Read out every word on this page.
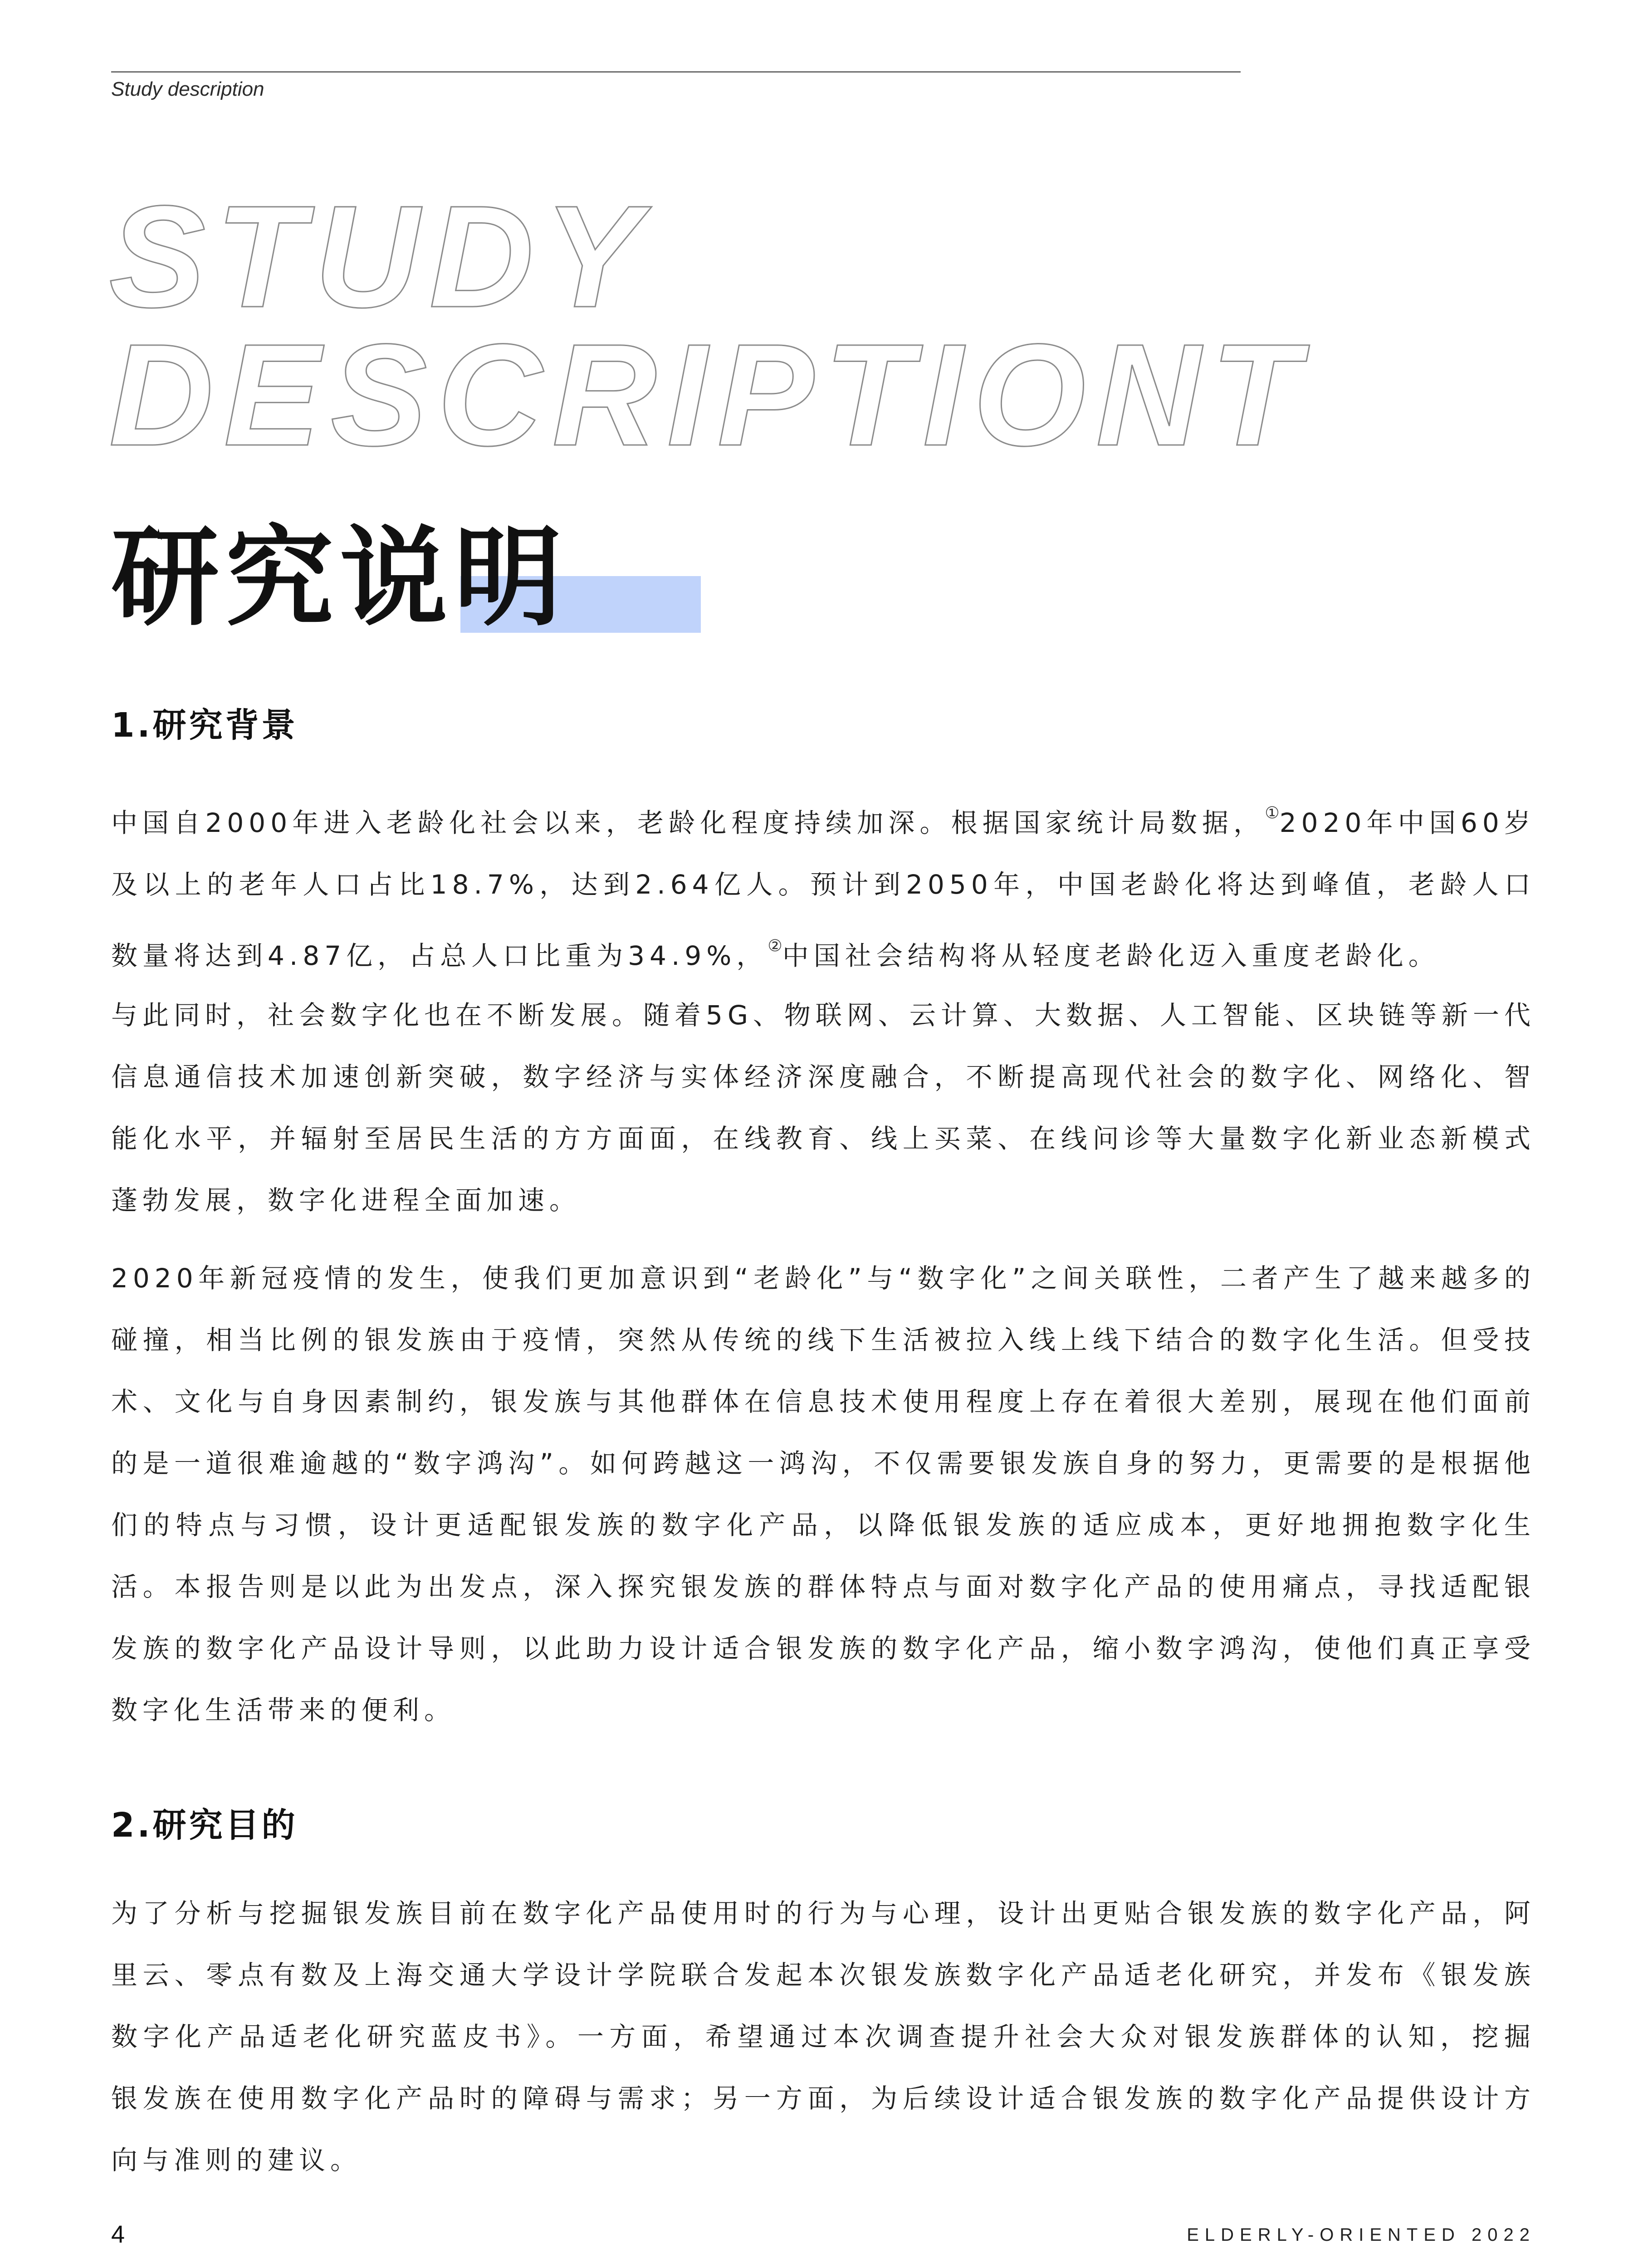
Study description
STUDY
DESCRIPTIONT
研究说明
1.研究背景

中国自2000年进入老龄化社会以来，老龄化程度持续加深。根据国家统计局数据，①2020年中国60岁及以上的老年人口占比18.7%，达到2.64亿人。预计到2050年，中国老龄化将达到峰值，老龄人口数量将达到4.87亿，占总人口比重为34.9%，②中国社会结构将从轻度老龄化迈入重度老龄化。

与此同时，社会数字化也在不断发展。随着5G、物联网、云计算、大数据、人工智能、区块链等新一代信息通信技术加速创新突破，数字经济与实体经济深度融合，不断提高现代社会的数字化、网络化、智能化水平，并辐射至居民生活的方方面面，在线教育、线上买菜、在线问诊等大量数字化新业态新模式蓬勃发展，数字化进程全面加速。

2020年新冠疫情的发生，使我们更加意识到“老龄化”与“数字化”之间关联性，二者产生了越来越多的碰撞，相当比例的银发族由于疫情，突然从传统的线下生活被拉入线上线下结合的数字化生活。但受技术、文化与自身因素制约，银发族与其他群体在信息技术使用程度上存在着很大差别，展现在他们面前的是一道很难逾越的“数字鸿沟”。如何跨越这一鸿沟，不仅需要银发族自身的努力，更需要的是根据他们的特点与习惯，设计更适配银发族的数字化产品，以降低银发族的适应成本，更好地拥抱数字化生活。本报告则是以此为出发点，深入探究银发族的群体特点与面对数字化产品的使用痛点，寻找适配银发族的数字化产品设计导则，以此助力设计适合银发族的数字化产品，缩小数字鸿沟，使他们真正享受数字化生活带来的便利。

2.研究目的

为了分析与挖掘银发族目前在数字化产品使用时的行为与心理，设计出更贴合银发族的数字化产品，阿里云、零点有数及上海交通大学设计学院联合发起本次银发族数字化产品适老化研究，并发布《银发族数字化产品适老化研究蓝皮书》。一方面，希望通过本次调查提升社会大众对银发族群体的认知，挖掘银发族在使用数字化产品时的障碍与需求；另一方面，为后续设计适合银发族的数字化产品提供设计方向与准则的建议。

4	ELDERLY-ORIENTED 2022
